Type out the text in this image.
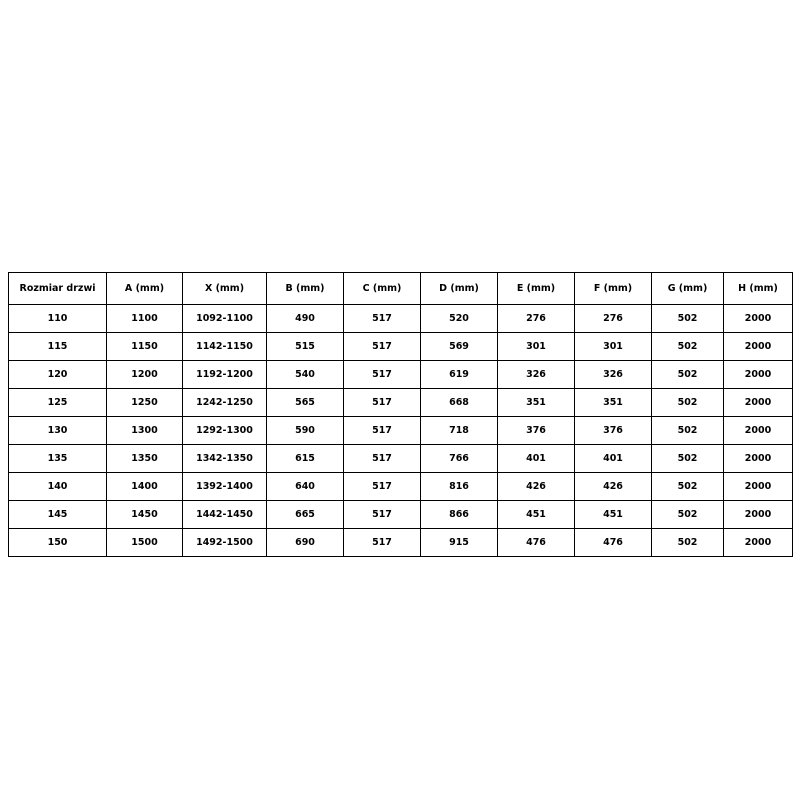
Rozmiar drzwi	A (mm)	X (mm)	B (mm)	C (mm)	D (mm)	E (mm)	F (mm)	G (mm)	H (mm)
110	1100	1092-1100	490	517	520	276	276	502	2000
115	1150	1142-1150	515	517	569	301	301	502	2000
120	1200	1192-1200	540	517	619	326	326	502	2000
125	1250	1242-1250	565	517	668	351	351	502	2000
130	1300	1292-1300	590	517	718	376	376	502	2000
135	1350	1342-1350	615	517	766	401	401	502	2000
140	1400	1392-1400	640	517	816	426	426	502	2000
145	1450	1442-1450	665	517	866	451	451	502	2000
150	1500	1492-1500	690	517	915	476	476	502	2000
